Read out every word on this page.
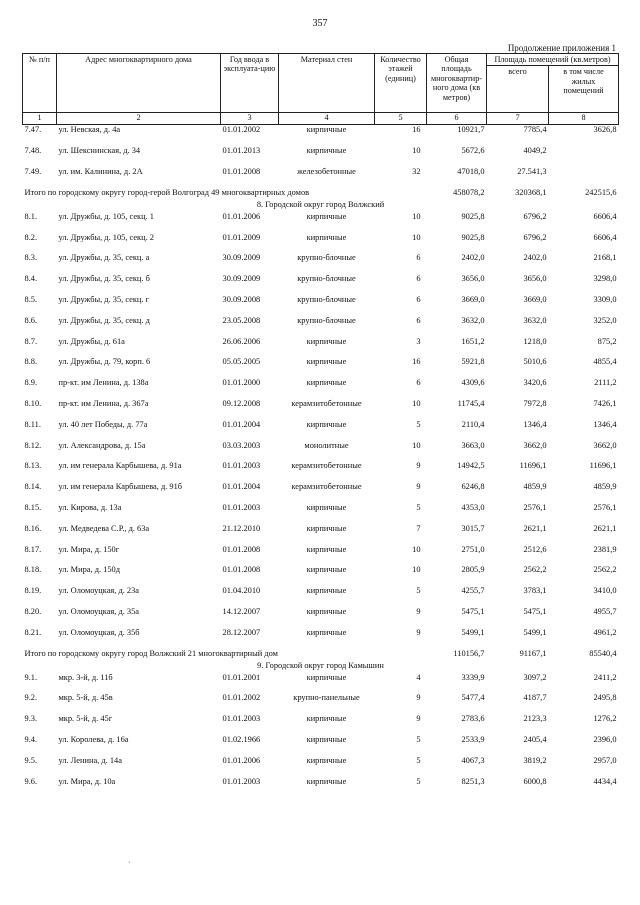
357
Продолжение приложения 1
№ п/п	Адрес многоквартирного дома	Год ввода в эксплуата-цию	Материал стен	Количество этажей (единиц)	Общая площадь многоквартир-ного дома (кв метров)	Площадь помещений (кв.метров)	
						всего	в том числе жилых помещений
1	2	3	4	5	6	7	8
7.47.	ул. Невская, д. 4а	01.01.2002	кирпичные	16	10921,7	7785,4	3626,8
7.48.	ул. Шекснинская, д. 34	01.01.2013	кирпичные	10	5672,6	4049,2	
7.49.	ул. им. Калинина, д. 2А	01.01.2008	железобетонные	32	47018,0	27.541,3	
Итого по городскому округу город-герой Волгоград 49 многоквартирных домов					458078,2	320368,1	242515,6
8. Городской округ город Волжский							
8.1.	ул. Дружбы, д. 105, секц. 1	01.01.2006	кирпичные	10	9025,8	6796,2	6606,4
8.2.	ул. Дружбы, д. 105, секц. 2	01.01.2009	кирпичные	10	9025,8	6796,2	6606,4
8.3.	ул. Дружбы, д. 35, секц. а	30.09.2009	крупно-блочные	6	2402,0	2402,0	2168,1
8.4.	ул. Дружбы, д. 35, секц. б	30.09.2009	крупно-блочные	6	3656,0	3656,0	3298,0
8.5.	ул. Дружбы, д. 35, секц. г	30.09.2008	крупно-блочные	6	3669,0	3669,0	3309,0
8.6.	ул. Дружбы, д. 35, секц. д	23.05.2008	крупно-блочные	6	3632,0	3632,0	3252,0
8.7.	ул. Дружбы, д. 61а	26.06.2006	кирпичные	3	1651,2	1218,0	875,2
8.8.	ул. Дружбы, д. 79, корп. 6	05.05.2005	кирпичные	16	5921,8	5010,6	4855,4
8.9.	пр-кт. им Ленина, д. 138а	01.01.2000	кирпичные	6	4309,6	3420,6	2111,2
8.10.	пр-кт. им Ленина, д. 367а	09.12.2008	керамзитобетонные	10	11745,4	7972,8	7426,1
8.11.	ул. 40 лет Победы, д. 77а	01.01.2004	кирпичные	5	2110,4	1346,4	1346,4
8.12.	ул. Александрова, д. 15а	03.03.2003	монолитные	10	3663,0	3662,0	3662,0
8.13.	ул. им генерала Карбышева, д. 91а	01.01.2003	керамзитобетонные	9	14942,5	11696,1	11696,1
8.14.	ул. им генерала Карбышева, д. 91б	01.01.2004	керамзитобетонные	9	6246,8	4859,9	4859,9
8.15.	ул. Кирова, д. 13а	01.01.2003	кирпичные	5	4353,0	2576,1	2576,1
8.16.	ул. Медведева С.Р., д. 63а	21.12.2010	кирпичные	7	3015,7	2621,1	2621,1
8.17.	ул. Мира, д. 150г	01.01.2008	кирпичные	10	2751,0	2512,6	2381,9
8.18.	ул. Мира, д. 150д	01.01.2008	кирпичные	10	2805,9	2562,2	2562,2
8.19.	ул. Оломоуцкая, д. 23а	01.04.2010	кирпичные	5	4255,7	3783,1	3410,0
8.20.	ул. Оломоуцкая, д. 35а	14.12.2007	кирпичные	9	5475,1	5475,1	4955,7
8.21.	ул. Оломоуцкая, д. 35б	28.12.2007	кирпичные	9	5499,1	5499,1	4961,2
Итого по городскому округу город Волжский 21 многоквартирный дом					110156,7	91167,1	85540,4
9. Городской округ город Камышин							
9.1.	мкр. 3-й, д. 11б	01.01.2001	кирпичные	4	3339,9	3097,2	2411,2
9.2.	мкр. 5-й, д. 45в	01.01.2002	крупно-панельные	9	5477,4	4187,7	2495,8
9.3.	мкр. 5-й, д. 45г	01.01.2003	кирпичные	9	2783,6	2123,3	1276,2
9.4.	ул. Королева, д. 16а	01.02.1966	кирпичные	5	2533,9	2405,4	2396,0
9.5.	ул. Ленина, д. 14а	01.01.2006	кирпичные	5	4067,3	3819,2	2957,0
9.6.	ул. Мира, д. 10а	01.01.2003	кирпичные	5	8251,3	6000,8	4434,4
·
